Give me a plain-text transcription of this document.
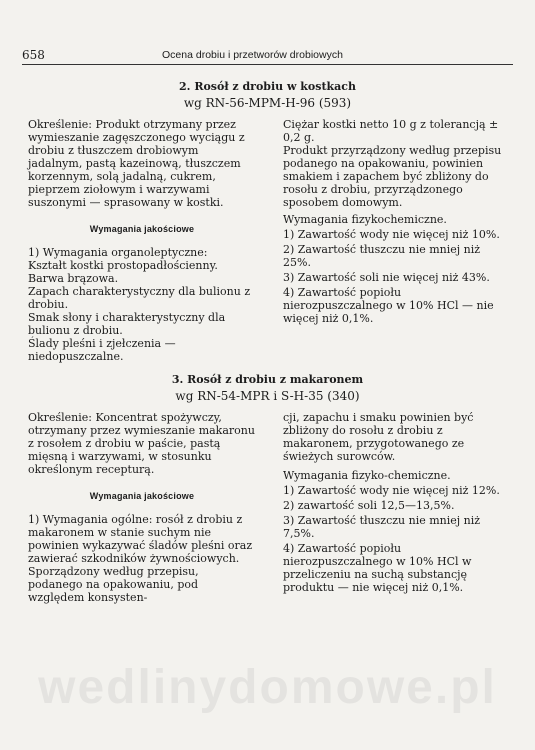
658	Ocena drobiu i przetworów drobiowych
2. Rosół z drobiu w kostkach
wg RN-56-MPM-H-96 (593)

Określenie: Produkt otrzymany przez wymieszanie zagęszczonego wyciągu z drobiu z tłuszczem drobiowym jadalnym, pastą kazeinową, tłuszczem korzennym, solą jadalną, cukrem, pieprzem ziołowym i warzywami suszonymi — sprasowany w kostki.

Wymagania jakościowe

1) Wymagania organoleptyczne:

Kształt kostki prostopadłościenny.

Barwa brązowa.

Zapach charakterystyczny dla bulionu z drobiu.

Smak słony i charakterystyczny dla bulionu z drobiu.

Ślady pleśni i zjełczenia — niedopuszczalne.

Ciężar kostki netto 10 g z tolerancją ± 0,2 g.

Produkt przyrządzony według przepisu podanego na opakowaniu, powinien smakiem i zapachem być zbliżony do rosołu z drobiu, przyrządzonego sposobem domowym.

Wymagania fizykochemiczne.

1) Zawartość wody nie więcej niż 10%.

2) Zawartość tłuszczu nie mniej niż 25%.

3) Zawartość soli nie więcej niż 43%.

4) Zawartość popiołu nierozpuszczalnego w 10% HCl — nie więcej niż 0,1%.

3. Rosół z drobiu z makaronem
wg RN-54-MPR i S-H-35 (340)

Określenie: Koncentrat spożywczy, otrzymany przez wymieszanie makaronu z rosołem z drobiu w paście, pastą mięsną i warzywami, w stosunku określonym recepturą.

Wymagania jakościowe

1) Wymagania ogólne: rosół z drobiu z makaronem w stanie suchym nie powinien wykazywać śladów pleśni oraz zawierać szkodników żywnościowych. Sporządzony według przepisu, podanego na opakowaniu, pod względem konsysten-

cji, zapachu i smaku powinien być zbliżony do rosołu z drobiu z makaronem, przygotowanego ze świeżych surowców.

Wymagania fizyko-chemiczne.

1) Zawartość wody nie więcej niż 12%.

2) zawartość soli 12,5—13,5%.

3) Zawartość tłuszczu nie mniej niż 7,5%.

4) Zawartość popiołu nierozpuszczalnego w 10% HCl w przeliczeniu na suchą substancję produktu — nie więcej niż 0,1%.

wedlinydomowe.pl
